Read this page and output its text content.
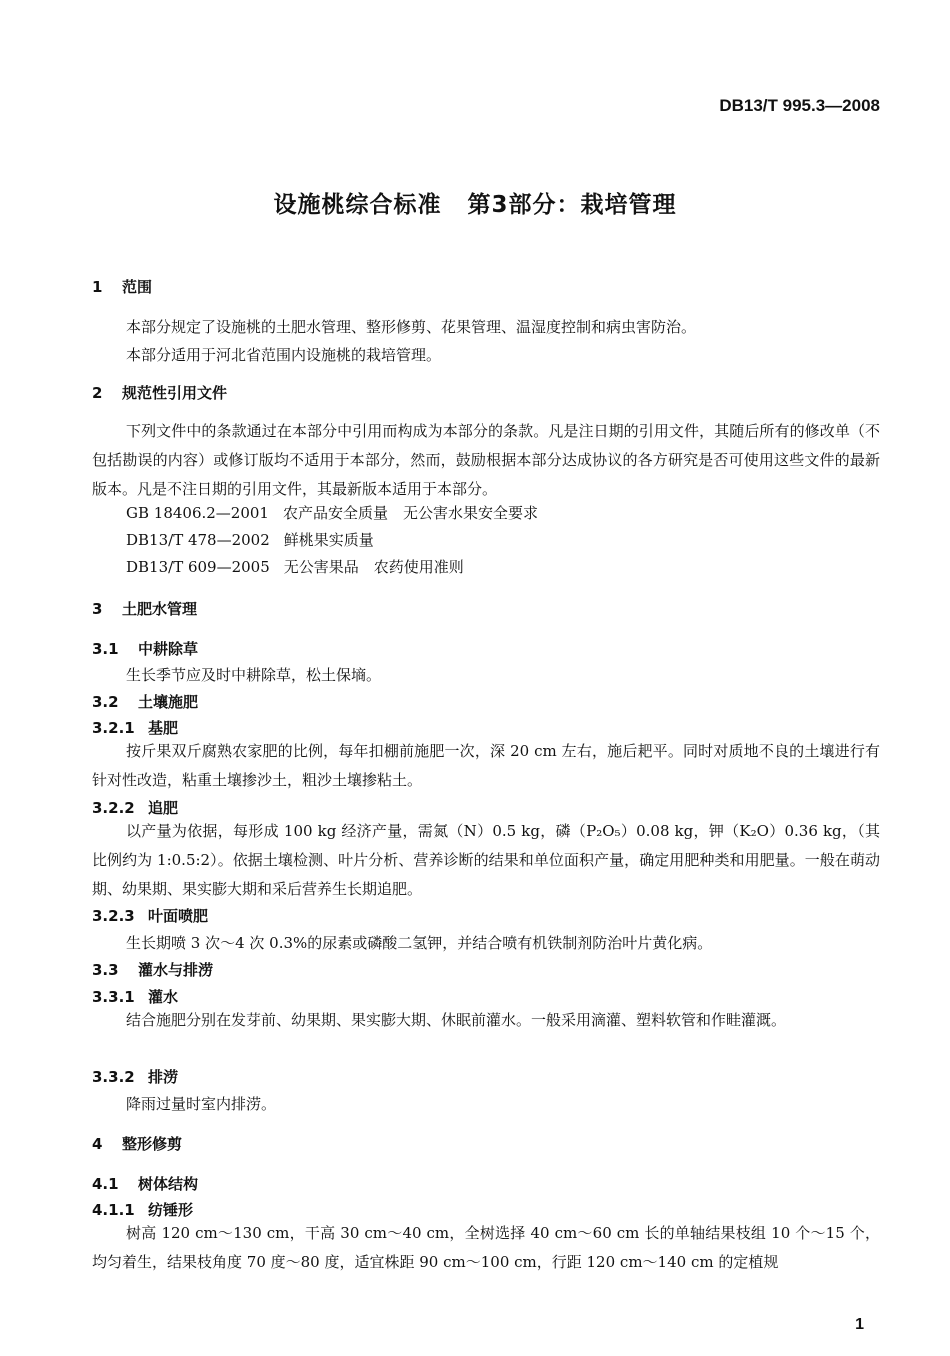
DB13/T 995.3—2008
设施桃综合标准 第3部分：栽培管理
1 范围
本部分规定了设施桃的土肥水管理、整形修剪、花果管理、温湿度控制和病虫害防治。
本部分适用于河北省范围内设施桃的栽培管理。
2 规范性引用文件

下列文件中的条款通过在本部分中引用而构成为本部分的条款。凡是注日期的引用文件，其随后所有的修改单（不包括勘误的内容）或修订版均不适用于本部分，然而，鼓励根据本部分达成协议的各方研究是否可使用这些文件的最新版本。凡是不注日期的引用文件，其最新版本适用于本部分。

GB 18406.2—2001 农产品安全质量　无公害水果安全要求
DB13/T 478—2002 鲜桃果实质量
DB13/T 609—2005 无公害果品　农药使用准则
3 土肥水管理
3.1 中耕除草
生长季节应及时中耕除草，松土保墒。
3.2 土壤施肥
3.2.1 基肥

按斤果双斤腐熟农家肥的比例，每年扣棚前施肥一次，深 20 cm 左右，施后耙平。同时对质地不良的土壤进行有针对性改造，粘重土壤掺沙土，粗沙土壤掺粘土。

3.2.2 追肥

以产量为依据，每形成 100 kg 经济产量，需氮（N）0.5 kg，磷（P₂O₅）0.08 kg，钾（K₂O）0.36 kg，（其比例约为 1:0.5:2）。依据土壤检测、叶片分析、营养诊断的结果和单位面积产量，确定用肥种类和用肥量。一般在萌动期、幼果期、果实膨大期和采后营养生长期追肥。

3.2.3 叶面喷肥
生长期喷 3 次～4 次 0.3%的尿素或磷酸二氢钾，并结合喷有机铁制剂防治叶片黄化病。
3.3 灌水与排涝
3.3.1 灌水

结合施肥分别在发芽前、幼果期、果实膨大期、休眠前灌水。一般采用滴灌、塑料软管和作畦灌溉。

3.3.2 排涝
降雨过量时室内排涝。
4 整形修剪
4.1 树体结构
4.1.1 纺锤形

树高 120 cm～130 cm，干高 30 cm～40 cm，全树选择 40 cm～60 cm 长的单轴结果枝组 10 个～15 个，均匀着生，结果枝角度 70 度～80 度，适宜株距 90 cm～100 cm，行距 120 cm～140 cm 的定植规

1
